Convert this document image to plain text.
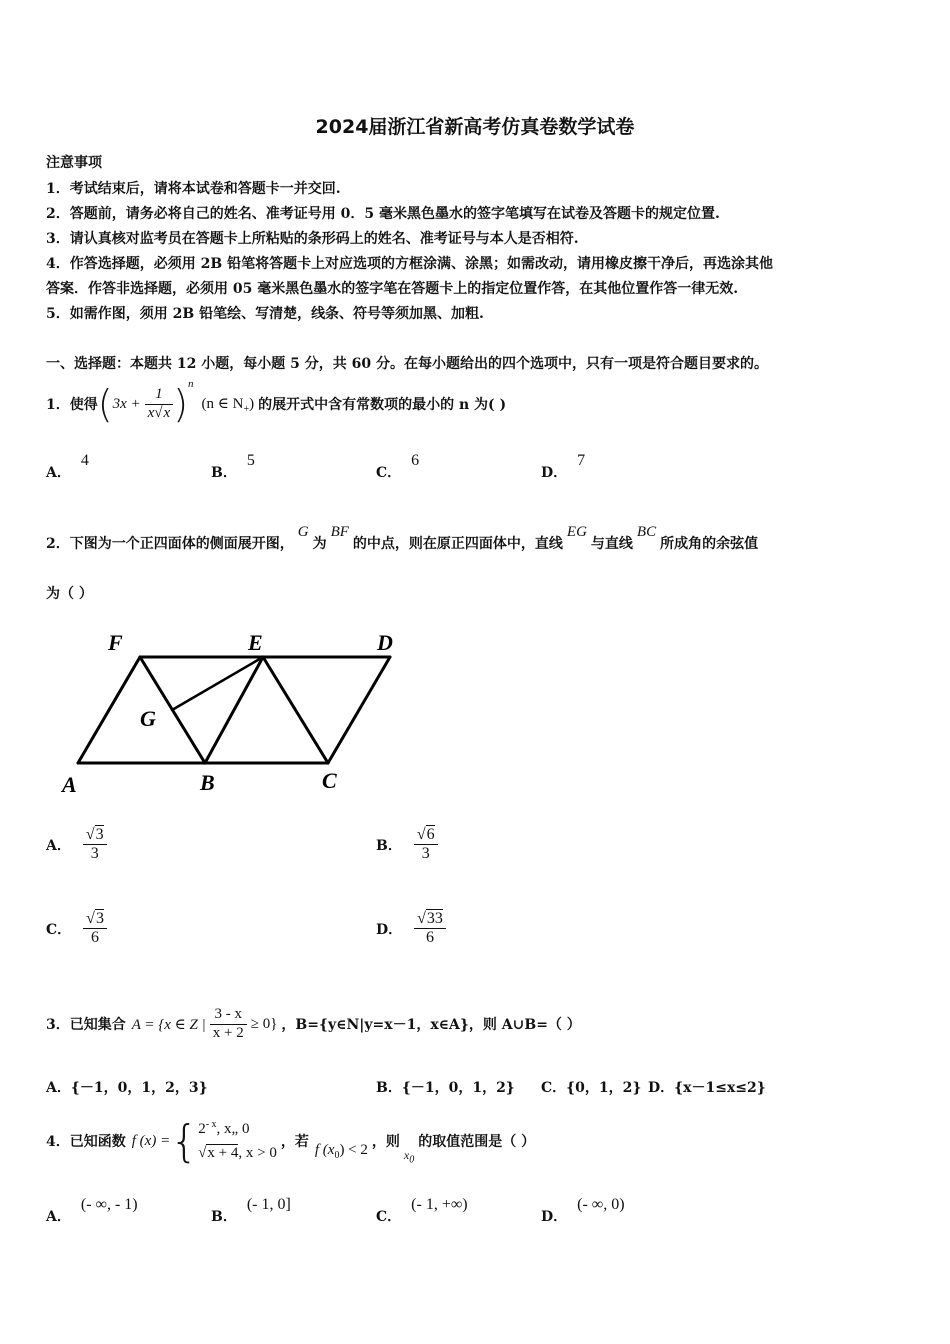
2024届浙江省新高考仿真卷数学试卷
注意事项
1．考试结束后，请将本试卷和答题卡一并交回.
2．答题前，请务必将自己的姓名、准考证号用 0．5 毫米黑色墨水的签字笔填写在试卷及答题卡的规定位置.
3．请认真核对监考员在答题卡上所粘贴的条形码上的姓名、准考证号与本人是否相符.
4．作答选择题，必须用 2B 铅笔将答题卡上对应选项的方框涂满、涂黑；如需改动，请用橡皮擦干净后，再选涂其他
答案．作答非选择题，必须用 05 毫米黑色墨水的签字笔在答题卡上的指定位置作答，在其他位置作答一律无效.
5．如需作图，须用 2B 铅笔绘、写清楚，线条、符号等须加黑、加粗.
一、选择题：本题共 12 小题，每小题 5 分，共 60 分。在每小题给出的四个选项中，只有一项是符合题目要求的。
1．使得 ( $3x + \frac{1}{x√x}$ ) n
(n ∈ $N_+$) 的展开式中含有常数项的最小的 n 为( )
A．4
B．5
C．6
D．7
2．下图为一个正四面体的侧面展开图，G为BF的中点，则在原正四面体中，直线EG与直线BC所成角的余弦值
为（ ）
F	E	D
G
A	B	C
A． $\frac{√3}{3}$	B． $\frac{√6}{3}$
C． $\frac{√3}{6}$	D． $\frac{√33}{6}$
3．已知集合 A = {x ∈ Z | $\frac{3 - x}{x + 2} \ge 0$} ，B={y∈N|y=x－1，x∈A}，则 A∪B=（ ）
A．{－1，0，1，2，3}	B．{－1，0，1，2} C．{0，1，2} D．{x－1≤x≤2}
4．已知函数 f (x) = { $2^{- x}$, x„ 0
√x + 4, x > 0
，若 f $(x_0) < 2$ ，则
$x_0$
的取值范围是（ ）
A．(- ∞, - 1)
B．(- 1, 0]
C．(- 1, +∞)
D．(- ∞, 0)
